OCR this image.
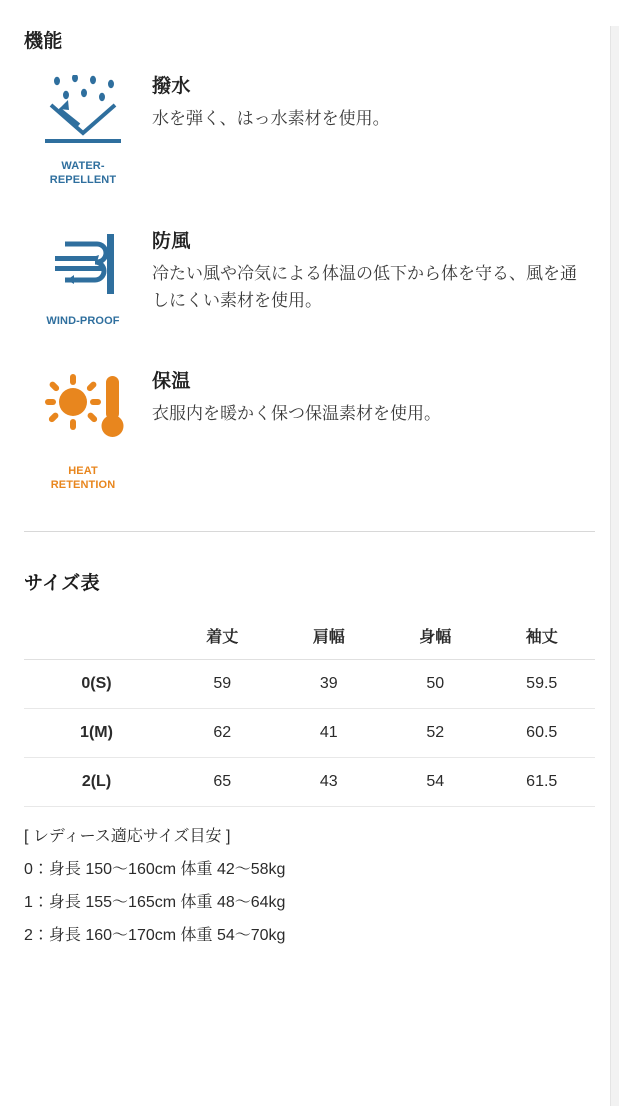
機能
WATER-
REPELLENT
撥水
水を弾く、はっ水素材を使用。
WIND-PROOF
防風
冷たい風や冷気による体温の低下から体を守る、風を通しにくい素材を使用。
HEAT
RETENTION
保温
衣服内を暖かく保つ保温素材を使用。
サイズ表
	着丈	肩幅	身幅	袖丈
0(S)	59	39	50	59.5
1(M)	62	41	52	60.5
2(L)	65	43	54	61.5

[ レディース適応サイズ目安 ]

0：身長 150〜160cm 体重 42〜58kg

1：身長 155〜165cm 体重 48〜64kg

2：身長 160〜170cm 体重 54〜70kg
